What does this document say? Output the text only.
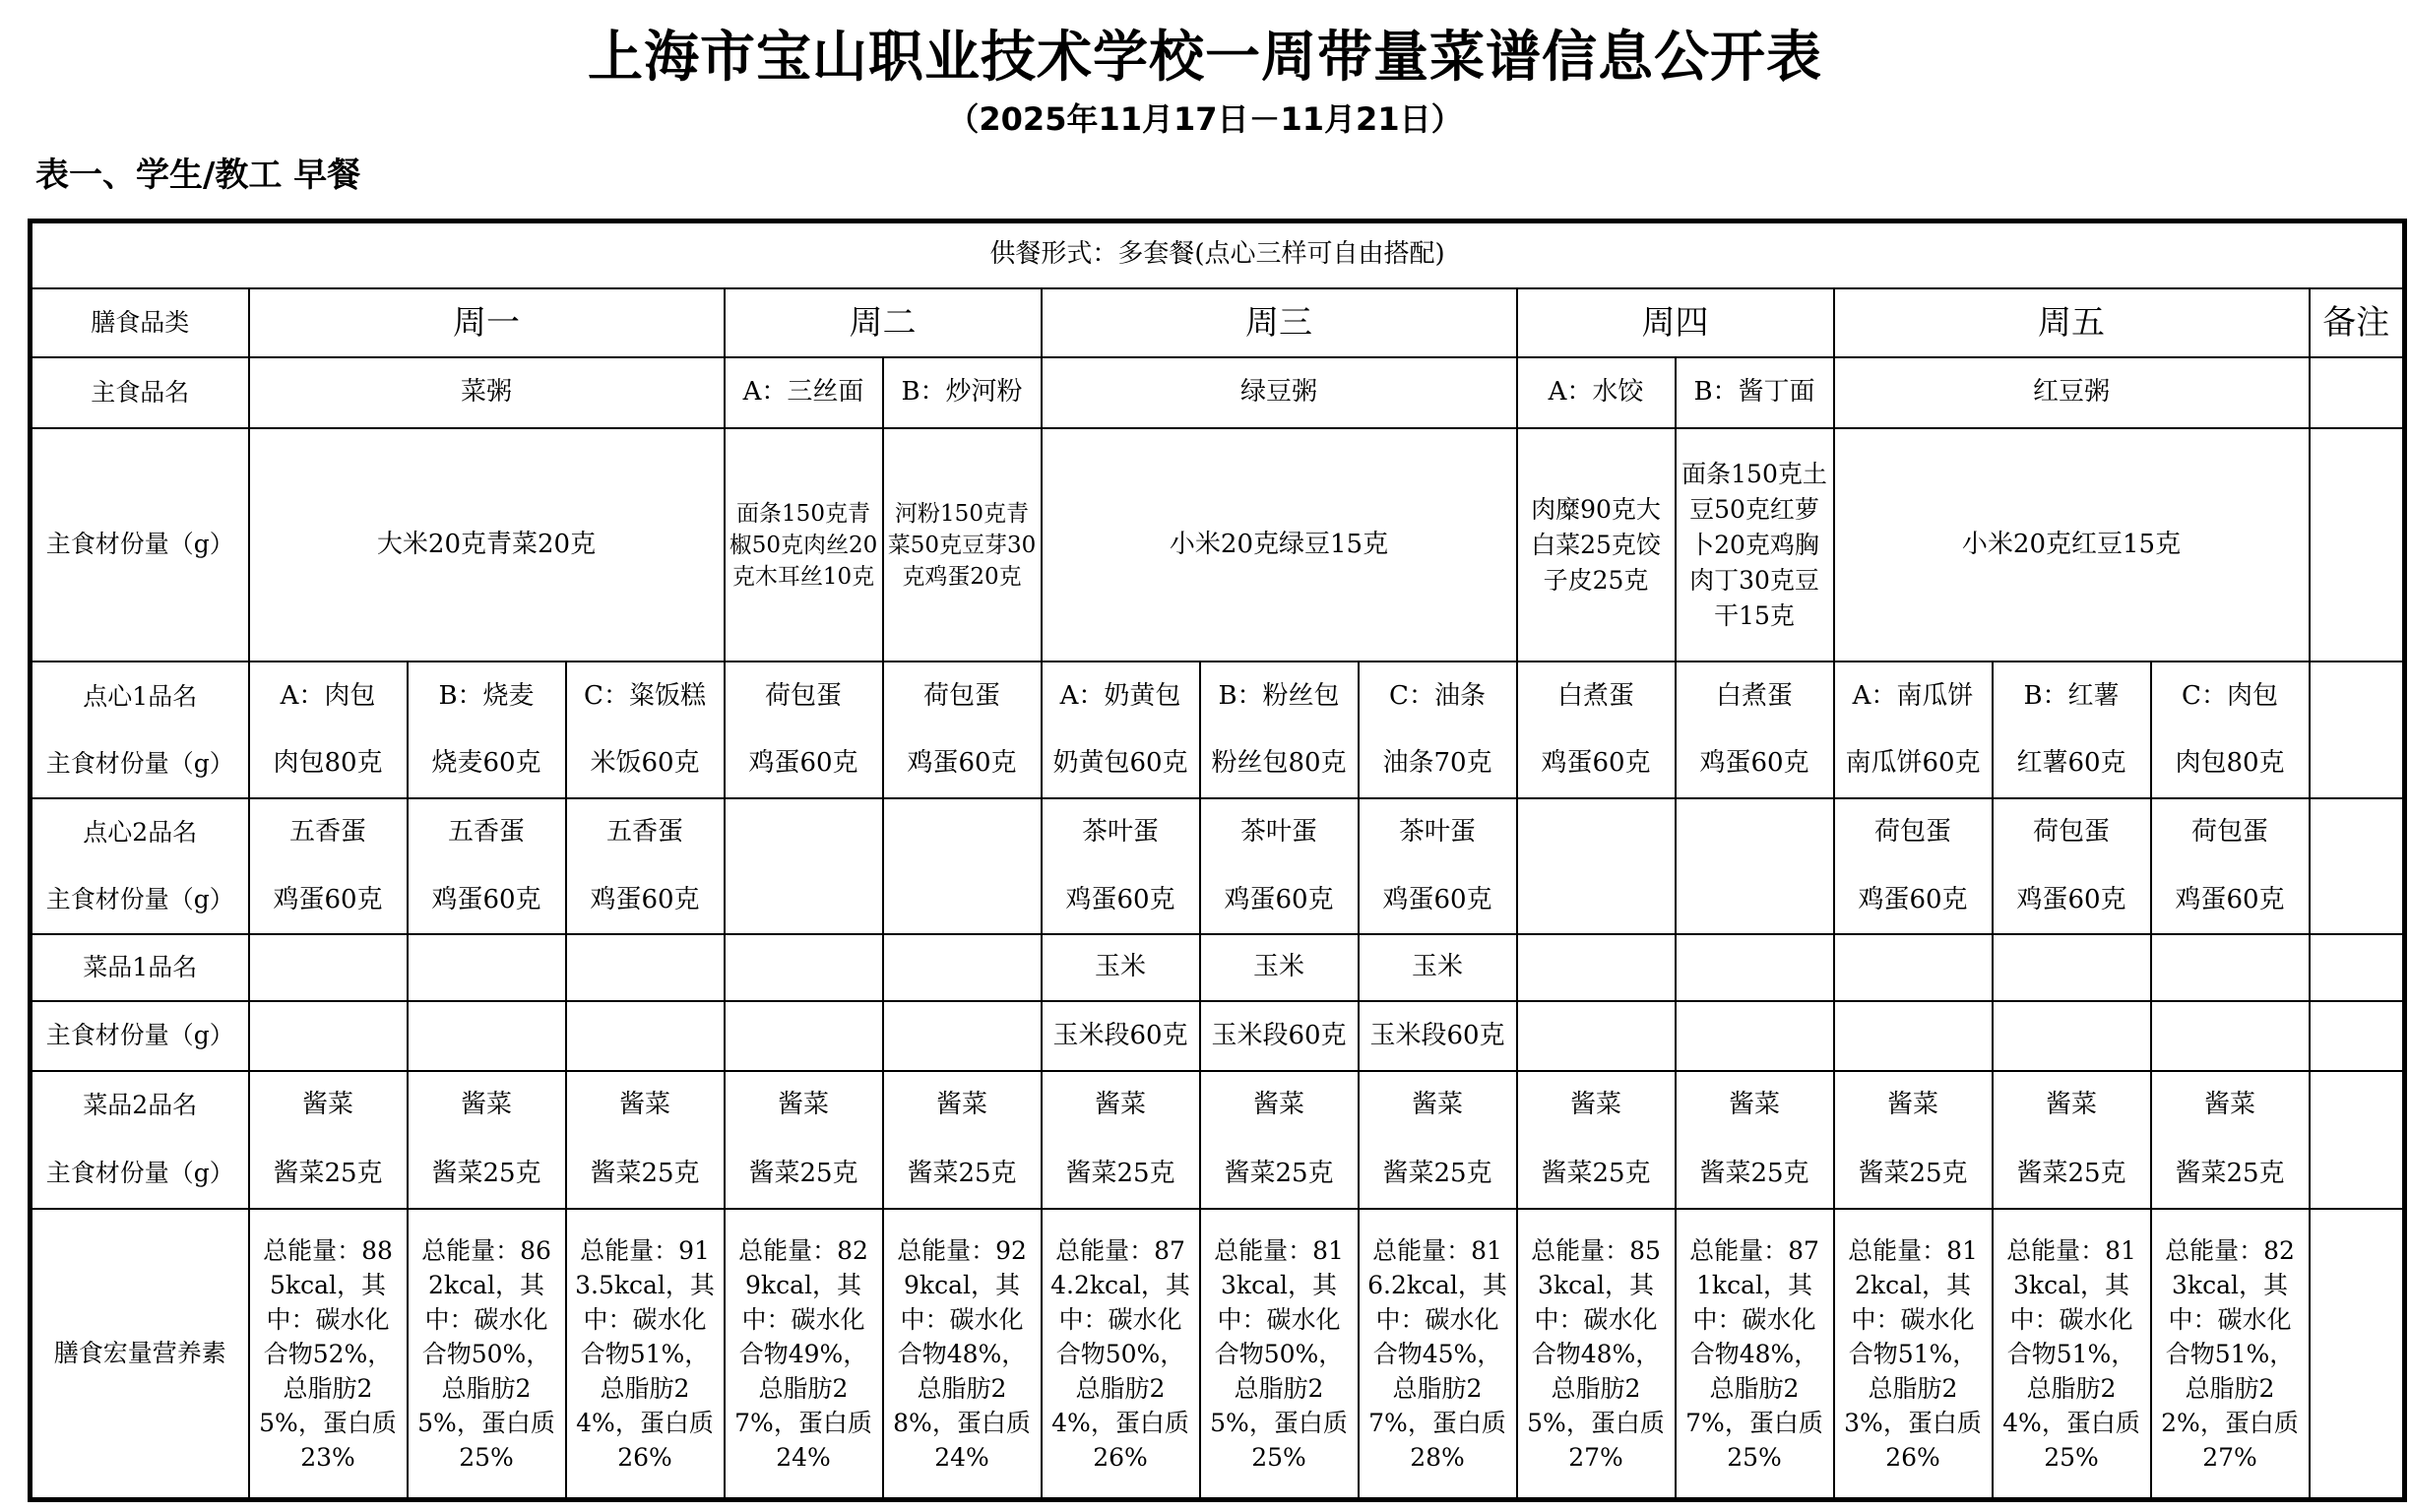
上海市宝山职业技术学校一周带量菜谱信息公开表
（2025年11月17日－11月21日）
表一、学生/教工 早餐
供餐形式：多套餐(点心三样可自由搭配)														
膳食品类	周一			周二		周三			周四		周五			备注
主食品名	菜粥			A：三丝面	B：炒河粉	绿豆粥			A：水饺	B：酱丁面	红豆粥			
主食材份量（g）	大米20克青菜20克			面条150克青椒50克肉丝20克木耳丝10克	河粉150克青菜50克豆芽30克鸡蛋20克	小米20克绿豆15克			肉糜90克大白菜25克饺子皮25克	面条150克土豆50克红萝卜20克鸡胸肉丁30克豆干15克	小米20克红豆15克			
点心1品名	A：肉包	B：烧麦	C：粢饭糕	荷包蛋	荷包蛋	A：奶黄包	B：粉丝包	C：油条	白煮蛋	白煮蛋	A：南瓜饼	B：红薯	C：肉包	
主食材份量（g）	肉包80克	烧麦60克	米饭60克	鸡蛋60克	鸡蛋60克	奶黄包60克	粉丝包80克	油条70克	鸡蛋60克	鸡蛋60克	南瓜饼60克	红薯60克	肉包80克	
点心2品名	五香蛋	五香蛋	五香蛋			茶叶蛋	茶叶蛋	茶叶蛋			荷包蛋	荷包蛋	荷包蛋	
主食材份量（g）	鸡蛋60克	鸡蛋60克	鸡蛋60克			鸡蛋60克	鸡蛋60克	鸡蛋60克			鸡蛋60克	鸡蛋60克	鸡蛋60克	
菜品1品名						玉米	玉米	玉米						
主食材份量（g）						玉米段60克	玉米段60克	玉米段60克						
菜品2品名	酱菜	酱菜	酱菜	酱菜	酱菜	酱菜	酱菜	酱菜	酱菜	酱菜	酱菜	酱菜	酱菜	
主食材份量（g）	酱菜25克	酱菜25克	酱菜25克	酱菜25克	酱菜25克	酱菜25克	酱菜25克	酱菜25克	酱菜25克	酱菜25克	酱菜25克	酱菜25克	酱菜25克	
膳食宏量营养素	总能量：885kcal，其中：碳水化合物52%，总脂肪25%，蛋白质23%	总能量：862kcal，其中：碳水化合物50%，总脂肪25%，蛋白质25%	总能量：913.5kcal，其中：碳水化合物51%，总脂肪24%，蛋白质26%	总能量：829kcal，其中：碳水化合物49%，总脂肪27%，蛋白质24%	总能量：929kcal，其中：碳水化合物48%，总脂肪28%，蛋白质24%	总能量：874.2kcal，其中：碳水化合物50%，总脂肪24%，蛋白质26%	总能量：813kcal，其中：碳水化合物50%，总脂肪25%，蛋白质25%	总能量：816.2kcal，其中：碳水化合物45%，总脂肪27%，蛋白质28%	总能量：853kcal，其中：碳水化合物48%，总脂肪25%，蛋白质27%	总能量：871kcal，其中：碳水化合物48%，总脂肪27%，蛋白质25%	总能量：812kcal，其中：碳水化合物51%，总脂肪23%，蛋白质26%	总能量：813kcal，其中：碳水化合物51%，总脂肪24%，蛋白质25%	总能量：823kcal，其中：碳水化合物51%，总脂肪22%，蛋白质27%	
